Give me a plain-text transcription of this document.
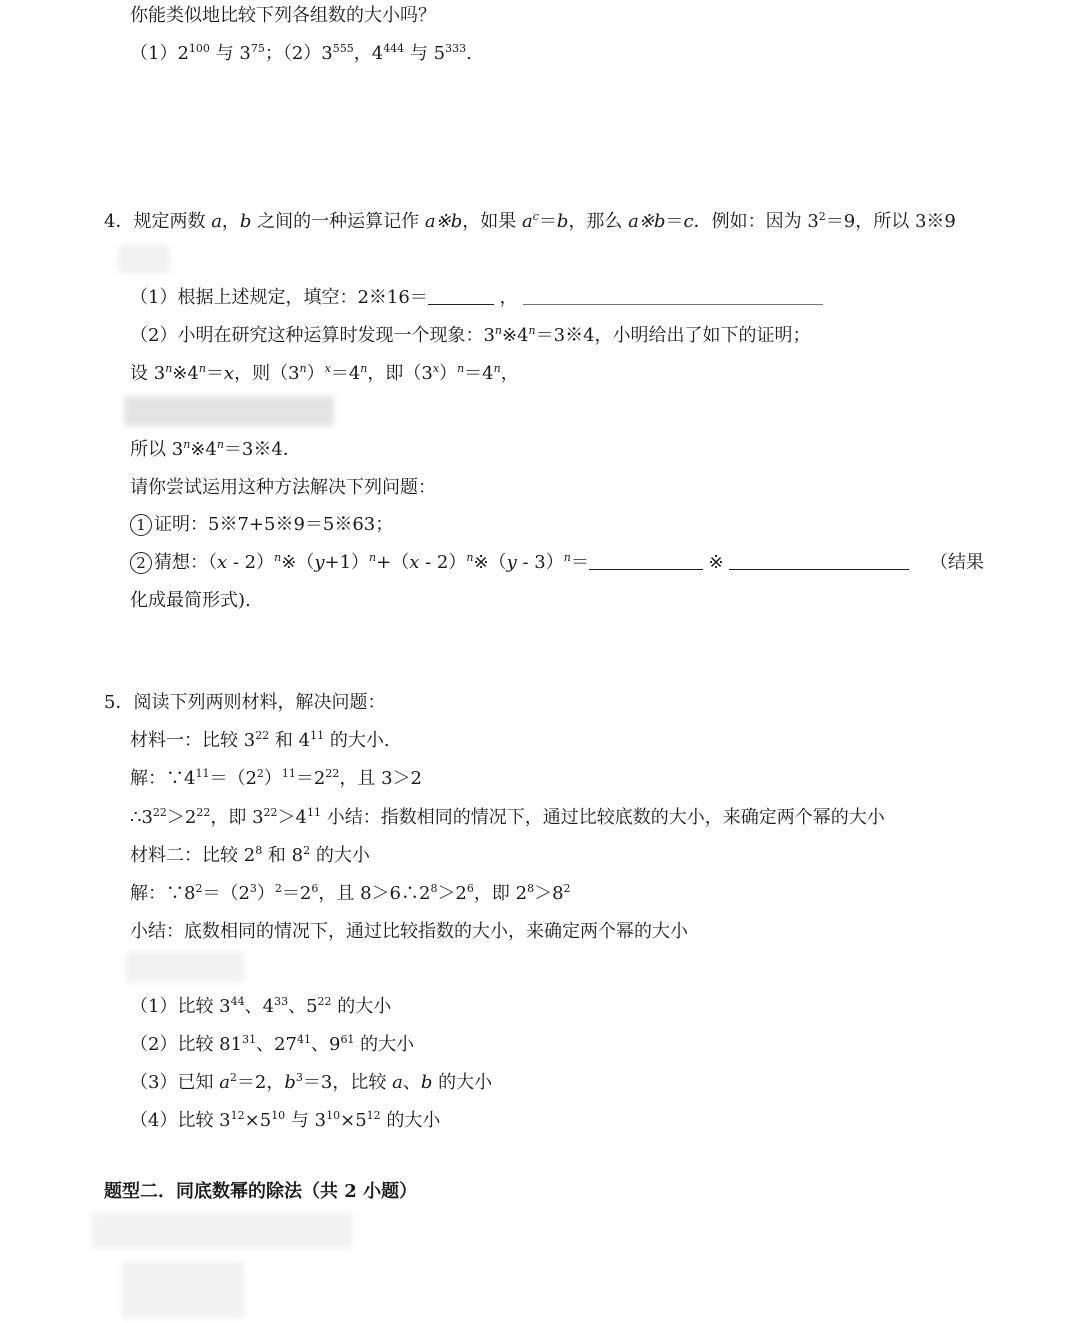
你能类似地比较下列各组数的大小吗？
$(1)2^{100}$ 与 $3^{75}$；$(2)3^{555}$，$4^{444}$ 与 $5^{333}$.
4．规定两数 a，b 之间的一种运算记作 a※b，如果 $a^c=b$，那么 a※b＝c．例如：因为 $3^2=9$，所以 3※9
（1）根据上述规定，填空：2※16＝	，
（2）小明在研究这种运算时发现一个现象：$3^n※4^n=3※4$，小明给出了如下的证明；
设 $3^n※4^n=x$，则$(3^n)^x=4^n$，即$(3^x)^n=4^n$，
所以 $3^n※4^n=3※4$．
请你尝试运用这种方法解决下列问题：
1 证明：5※7+5※9＝5※63；
2 猜想：$(x - 2)^n※(y+1)^n+(x$ - 2）$^n$※（y - 3）$^n$＝	※	（结果
化成最简形式).
5．阅读下列两则材料，解决问题：
材料一：比较 $3^{22}$ 和 $4^{11}$ 的大小.
解：$\because 4^{11}=(2^2)^{11}=2^{22}$，且 3＞2
$\therefore 3^{22}>2^{22}$，即 $3^{22}>4^{11}$ 小结：指数相同的情况下，通过比较底数的大小，来确定两个幂的大小
材料二：比较 $2^8$ 和 $8^2$ 的大小
解：$\because 8^2=(2^3)^2=2^6$，且 $8>6\therefore 2^8>2^6$，即 $2^8>8^2$
小结：底数相同的情况下，通过比较指数的大小，来确定两个幂的大小
（1）比较 $3^{44}$、$4^{33}$、$5^{22}$ 的大小
（2）比较 $81^{31}$、$27^{41}$、$9^{61}$ 的大小
（3）已知 $a^2=2$，$b^3=3$，比较 a、b 的大小
（4）比较 $3^{12}\times 5^{10}$ 与 $3^{10}\times 5^{12}$ 的大小
题型二．同底数幂的除法（共 2 小题）
